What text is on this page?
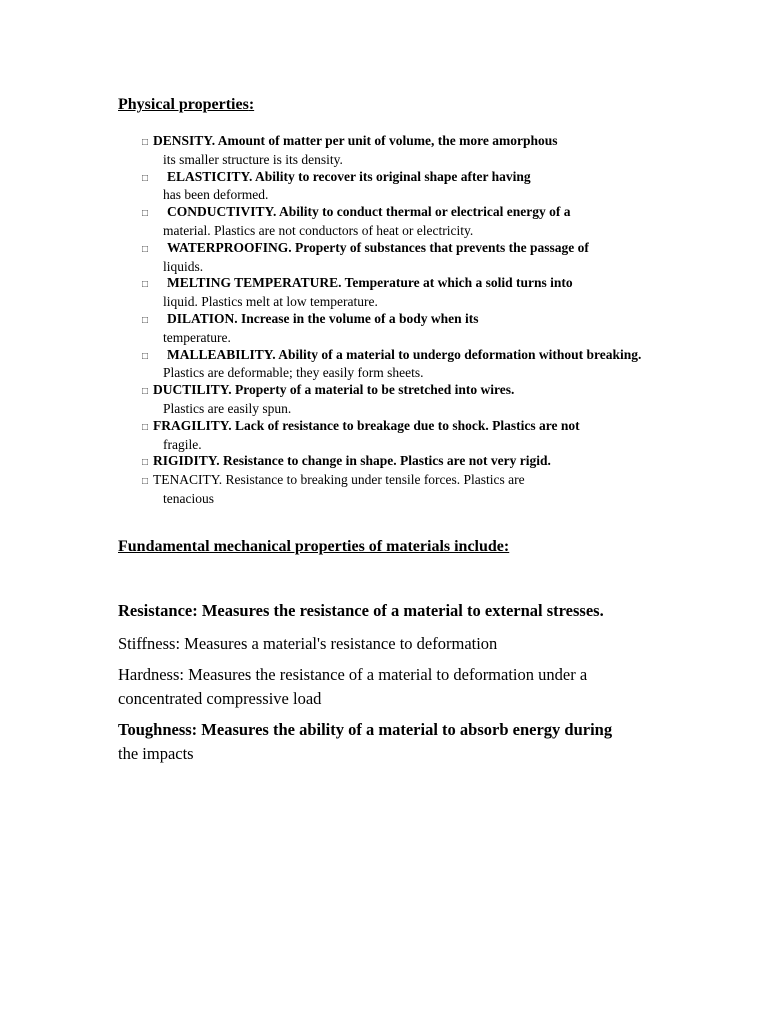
Physical properties:
□ DENSITY. Amount of matter per unit of volume, the more amorphous
its smaller structure is its density.
□ ELASTICITY. Ability to recover its original shape after having
has been deformed.
□ CONDUCTIVITY. Ability to conduct thermal or electrical energy of a
material. Plastics are not conductors of heat or electricity.
□ WATERPROOFING. Property of substances that prevents the passage of
liquids.
□ MELTING TEMPERATURE. Temperature at which a solid turns into
liquid. Plastics melt at low temperature.
□ DILATION. Increase in the volume of a body when its
temperature.
□ MALLEABILITY. Ability of a material to undergo deformation without breaking.
Plastics are deformable; they easily form sheets.
□ DUCTILITY. Property of a material to be stretched into wires.
Plastics are easily spun.
□ FRAGILITY. Lack of resistance to breakage due to shock. Plastics are not
fragile.
□ RIGIDITY. Resistance to change in shape. Plastics are not very rigid.
□ TENACITY. Resistance to breaking under tensile forces. Plastics are
tenacious
Fundamental mechanical properties of materials include:
Resistance: Measures the resistance of a material to external stresses.
Stiffness: Measures a material's resistance to deformation
Hardness: Measures the resistance of a material to deformation under a
concentrated compressive load
Toughness: Measures the ability of a material to absorb energy during
the impacts
